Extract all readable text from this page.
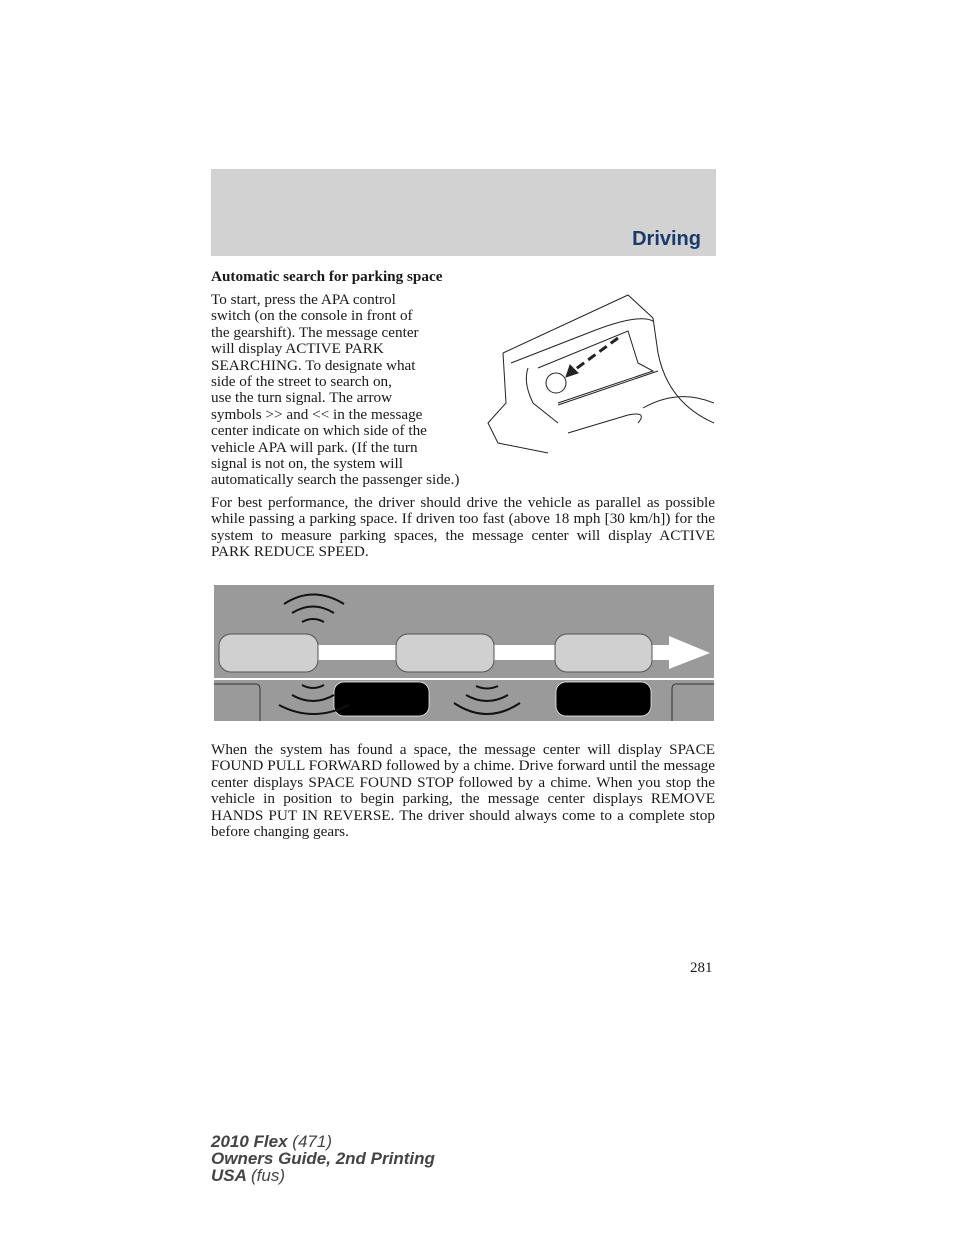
Driving
Automatic search for parking space
To start, press the APA control
switch (on the console in front of
the gearshift). The message center
will display ACTIVE PARK
SEARCHING. To designate what
side of the street to search on,
use the turn signal. The arrow
symbols >> and << in the message
center indicate on which side of the
vehicle APA will park. (If the turn
signal is not on, the system will
automatically search the passenger side.)
For best performance, the driver should drive the vehicle as parallel as possible while passing a parking space. If driven too fast (above 18 mph [30 km/h]) for the system to measure parking spaces, the message center will display ACTIVE PARK REDUCE SPEED.
When the system has found a space, the message center will display SPACE FOUND PULL FORWARD followed by a chime. Drive forward until the message center displays SPACE FOUND STOP followed by a chime. When you stop the vehicle in position to begin parking, the message center displays REMOVE HANDS PUT IN REVERSE. The driver should always come to a complete stop before changing gears.
281
2010 Flex (471)
Owners Guide, 2nd Printing
USA (fus)
